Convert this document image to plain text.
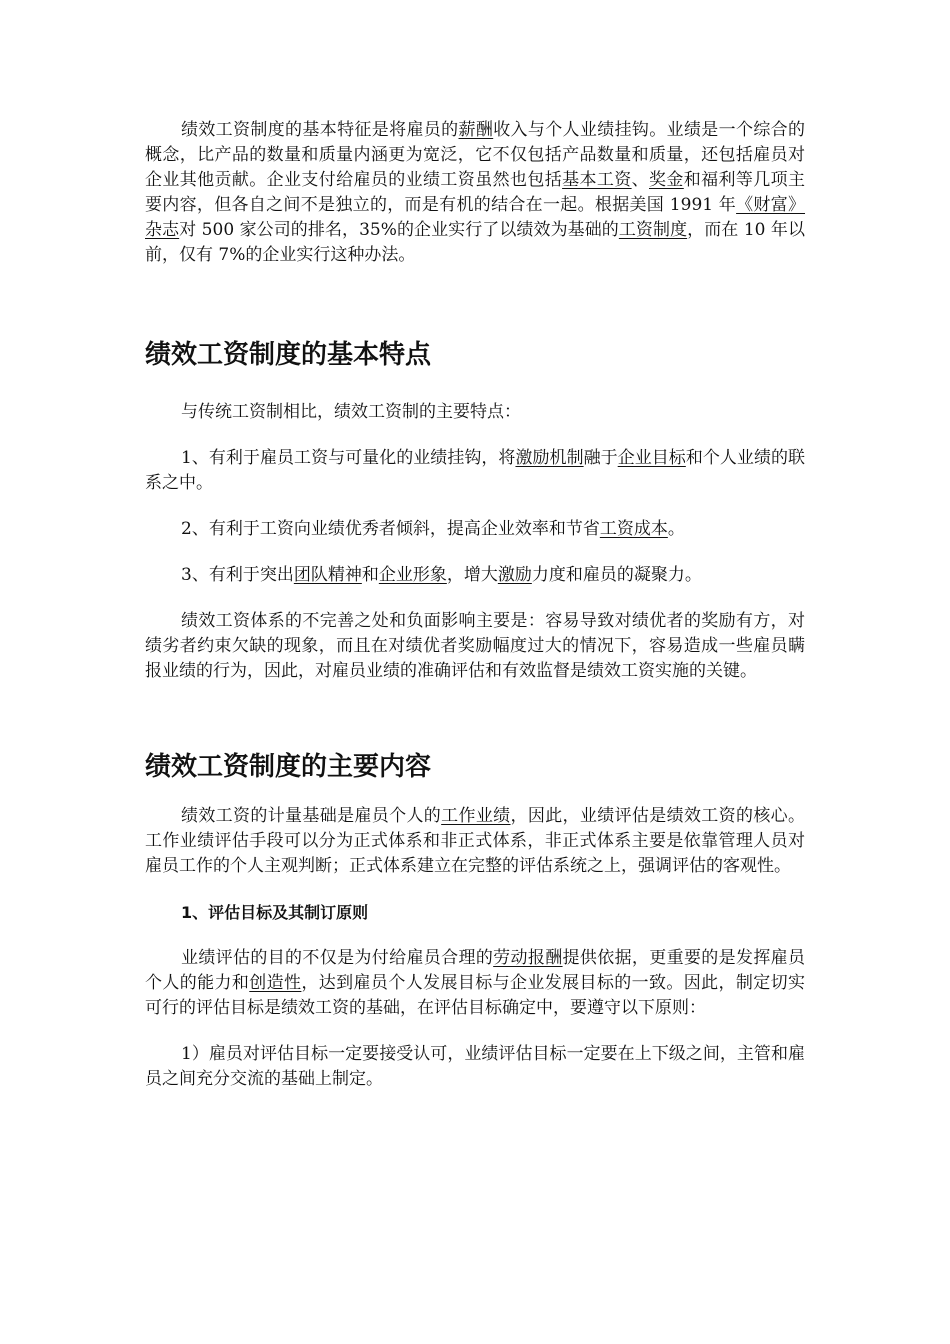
绩效工资制度的基本特征是将雇员的薪酬收入与个人业绩挂钩。业绩是一个综合的概念，比产品的数量和质量内涵更为宽泛，它不仅包括产品数量和质量，还包括雇员对企业其他贡献。企业支付给雇员的业绩工资虽然也包括基本工资、奖金和福利等几项主要内容，但各自之间不是独立的，而是有机的结合在一起。根据美国 1991 年《财富》杂志对 500 家公司的排名，35%的企业实行了以绩效为基础的工资制度，而在 10 年以前，仅有 7%的企业实行这种办法。

绩效工资制度的基本特点

与传统工资制相比，绩效工资制的主要特点：

1、有利于雇员工资与可量化的业绩挂钩，将激励机制融于企业目标和个人业绩的联系之中。

2、有利于工资向业绩优秀者倾斜，提高企业效率和节省工资成本。

3、有利于突出团队精神和企业形象，增大激励力度和雇员的凝聚力。

绩效工资体系的不完善之处和负面影响主要是：容易导致对绩优者的奖励有方，对绩劣者约束欠缺的现象，而且在对绩优者奖励幅度过大的情况下，容易造成一些雇员瞒报业绩的行为，因此，对雇员业绩的准确评估和有效监督是绩效工资实施的关键。

绩效工资制度的主要内容

绩效工资的计量基础是雇员个人的工作业绩，因此，业绩评估是绩效工资的核心。工作业绩评估手段可以分为正式体系和非正式体系，非正式体系主要是依靠管理人员对雇员工作的个人主观判断；正式体系建立在完整的评估系统之上，强调评估的客观性。

1、评估目标及其制订原则

业绩评估的目的不仅是为付给雇员合理的劳动报酬提供依据，更重要的是发挥雇员个人的能力和创造性，达到雇员个人发展目标与企业发展目标的一致。因此，制定切实可行的评估目标是绩效工资的基础，在评估目标确定中，要遵守以下原则：

1）雇员对评估目标一定要接受认可，业绩评估目标一定要在上下级之间，主管和雇员之间充分交流的基础上制定。
